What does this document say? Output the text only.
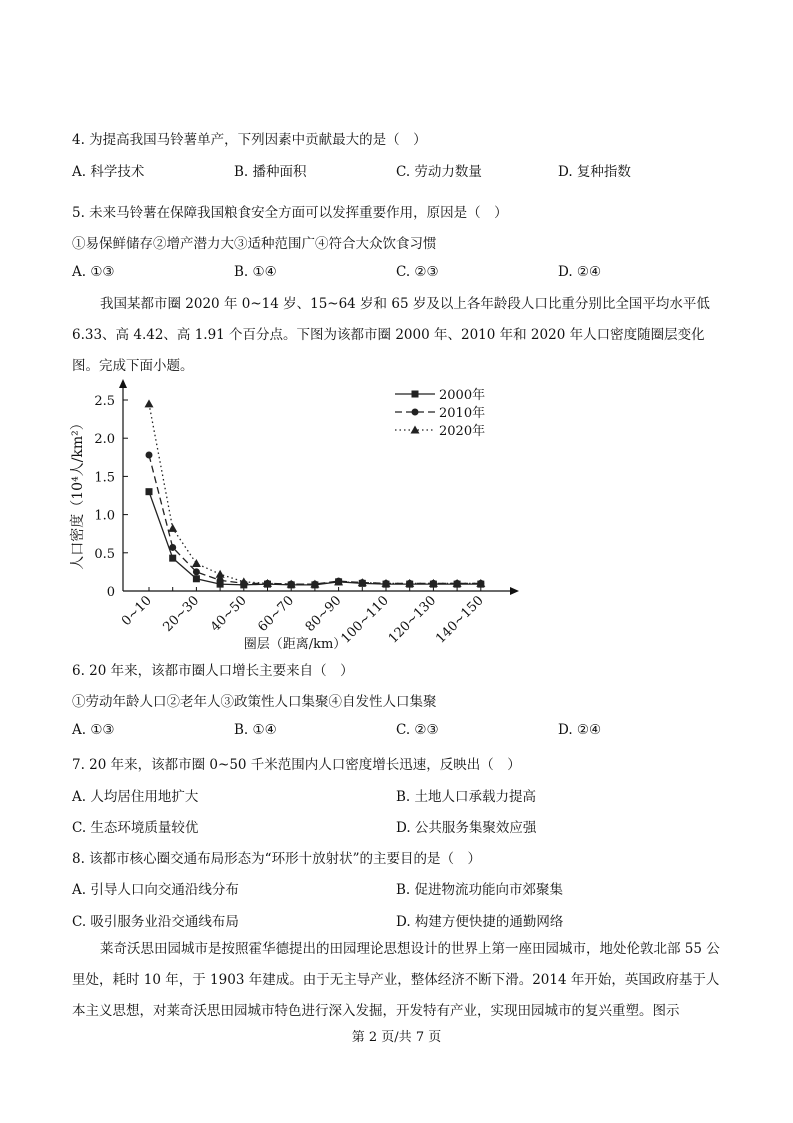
4. 为提高我国马铃薯单产，下列因素中贡献最大的是（　）
A. 科学技术	B. 播种面积	C. 劳动力数量	D. 复种指数
5. 未来马铃薯在保障我国粮食安全方面可以发挥重要作用，原因是（　）
①易保鲜储存②增产潜力大③适种范围广④符合大众饮食习惯
A. ①③	B. ①④	C. ②③	D. ②④
我国某都市圈 2020 年 0~14 岁、15~64 岁和 65 岁及以上各年龄段人口比重分别比全国平均水平低 6.33、高 4.42、高 1.91 个百分点。下图为该都市圈 2000 年、2010 年和 2020 年人口密度随圈层变化图。完成下面小题。
0
0.5
1.0
1.5
2.0
2.5
0~10 20~30 40~50 60~70 80~90
100~110
120~130
140~150
2000年
2010年
2020年
人口密度（10⁴人/km²）
圈层（距离/km）
6. 20 年来，该都市圈人口增长主要来自（　）
①劳动年龄人口②老年人③政策性人口集聚④自发性人口集聚
A. ①③	B. ①④	C. ②③	D. ②④
7. 20 年来，该都市圈 0~50 千米范围内人口密度增长迅速，反映出（　）
A. 人均居住用地扩大	B. 土地人口承载力提高
C. 生态环境质量较优	D. 公共服务集聚效应强
8. 该都市核心圈交通布局形态为“环形十放射状”的主要目的是（　）
A. 引导人口向交通沿线分布	B. 促进物流功能向市郊聚集
C. 吸引服务业沿交通线布局	D. 构建方便快捷的通勤网络
莱奇沃思田园城市是按照霍华德提出的田园理论思想设计的世界上第一座田园城市，地处伦敦北部 55 公里处，耗时 10 年，于 1903 年建成。由于无主导产业，整体经济不断下滑。2014 年开始，英国政府基于人本主义思想，对莱奇沃思田园城市特色进行深入发掘，开发特有产业，实现田园城市的复兴重塑。图示
第 2 页/共 7 页
